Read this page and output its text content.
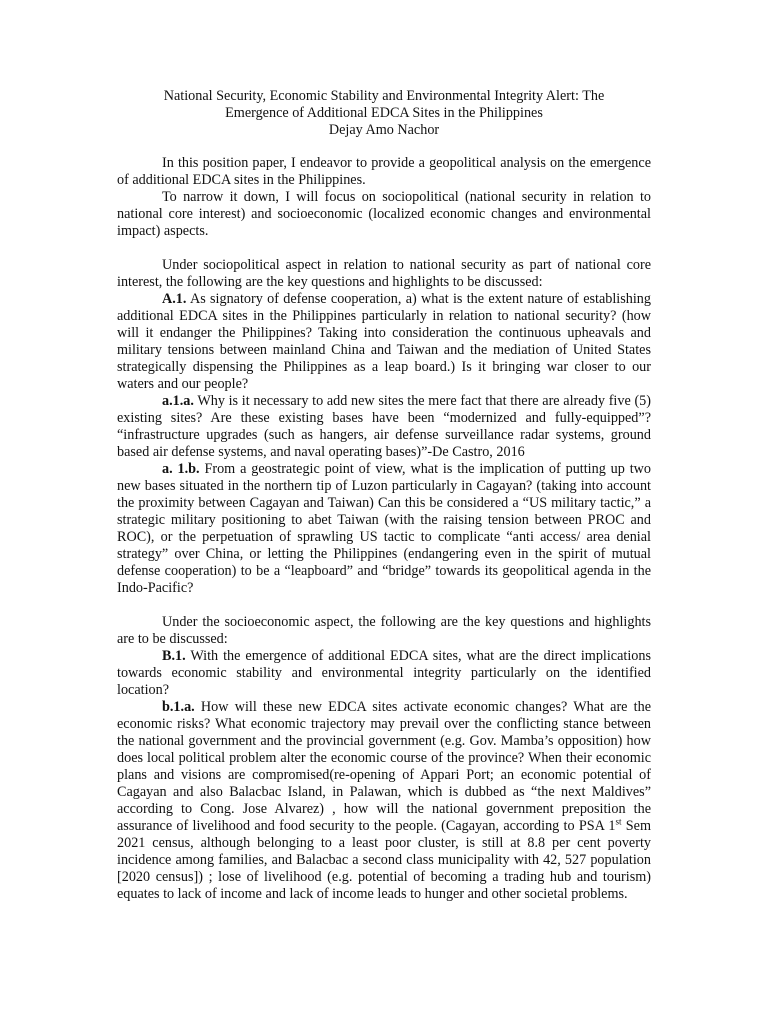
National Security, Economic Stability and Environmental Integrity Alert: The
Emergence of Additional EDCA Sites in the Philippines
Dejay Amo Nachor

In this position paper, I endeavor to provide a geopolitical analysis on the emergence of additional EDCA sites in the Philippines.

To narrow it down, I will focus on sociopolitical (national security in relation to national core interest) and socioeconomic (localized economic changes and environmental impact) aspects.

Under sociopolitical aspect in relation to national security as part of national core interest, the following are the key questions and highlights to be discussed:

A.1. As signatory of defense cooperation, a) what is the extent nature of establishing additional EDCA sites in the Philippines particularly in relation to national security? (how will it endanger the Philippines? Taking into consideration the continuous upheavals and military tensions between mainland China and Taiwan and the mediation of United States strategically dispensing the Philippines as a leap board.) Is it bringing war closer to our waters and our people?

a.1.a. Why is it necessary to add new sites the mere fact that there are already five (5) existing sites? Are these existing bases have been “modernized and fully-equipped”? “infrastructure upgrades (such as hangers, air defense surveillance radar systems, ground based air defense systems, and naval operating bases)”-De Castro, 2016

a. 1.b. From a geostrategic point of view, what is the implication of putting up two new bases situated in the northern tip of Luzon particularly in Cagayan? (taking into account the proximity between Cagayan and Taiwan) Can this be considered a “US military tactic,” a strategic military positioning to abet Taiwan (with the raising tension between PROC and ROC), or the perpetuation of sprawling US tactic to complicate “anti access/ area denial strategy” over China, or letting the Philippines (endangering even in the spirit of mutual defense cooperation) to be a “leapboard” and “bridge” towards its geopolitical agenda in the Indo-Pacific?

Under the socioeconomic aspect, the following are the key questions and highlights are to be discussed:

B.1. With the emergence of additional EDCA sites, what are the direct implications towards economic stability and environmental integrity particularly on the identified location?

b.1.a. How will these new EDCA sites activate economic changes? What are the economic risks? What economic trajectory may prevail over the conflicting stance between the national government and the provincial government (e.g. Gov. Mamba’s opposition) how does local political problem alter the economic course of the province? When their economic plans and visions are compromised(re-opening of Appari Port; an economic potential of Cagayan and also Balacbac Island, in Palawan, which is dubbed as “the next Maldives” according to Cong. Jose Alvarez) , how will the national government preposition the assurance of livelihood and food security to the people. (Cagayan, according to PSA 1st Sem 2021 census, although belonging to a least poor cluster, is still at 8.8 per cent poverty incidence among families, and Balacbac a second class municipality with 42, 527 population [2020 census]) ; lose of livelihood (e.g. potential of becoming a trading hub and tourism) equates to lack of income and lack of income leads to hunger and other societal problems.
